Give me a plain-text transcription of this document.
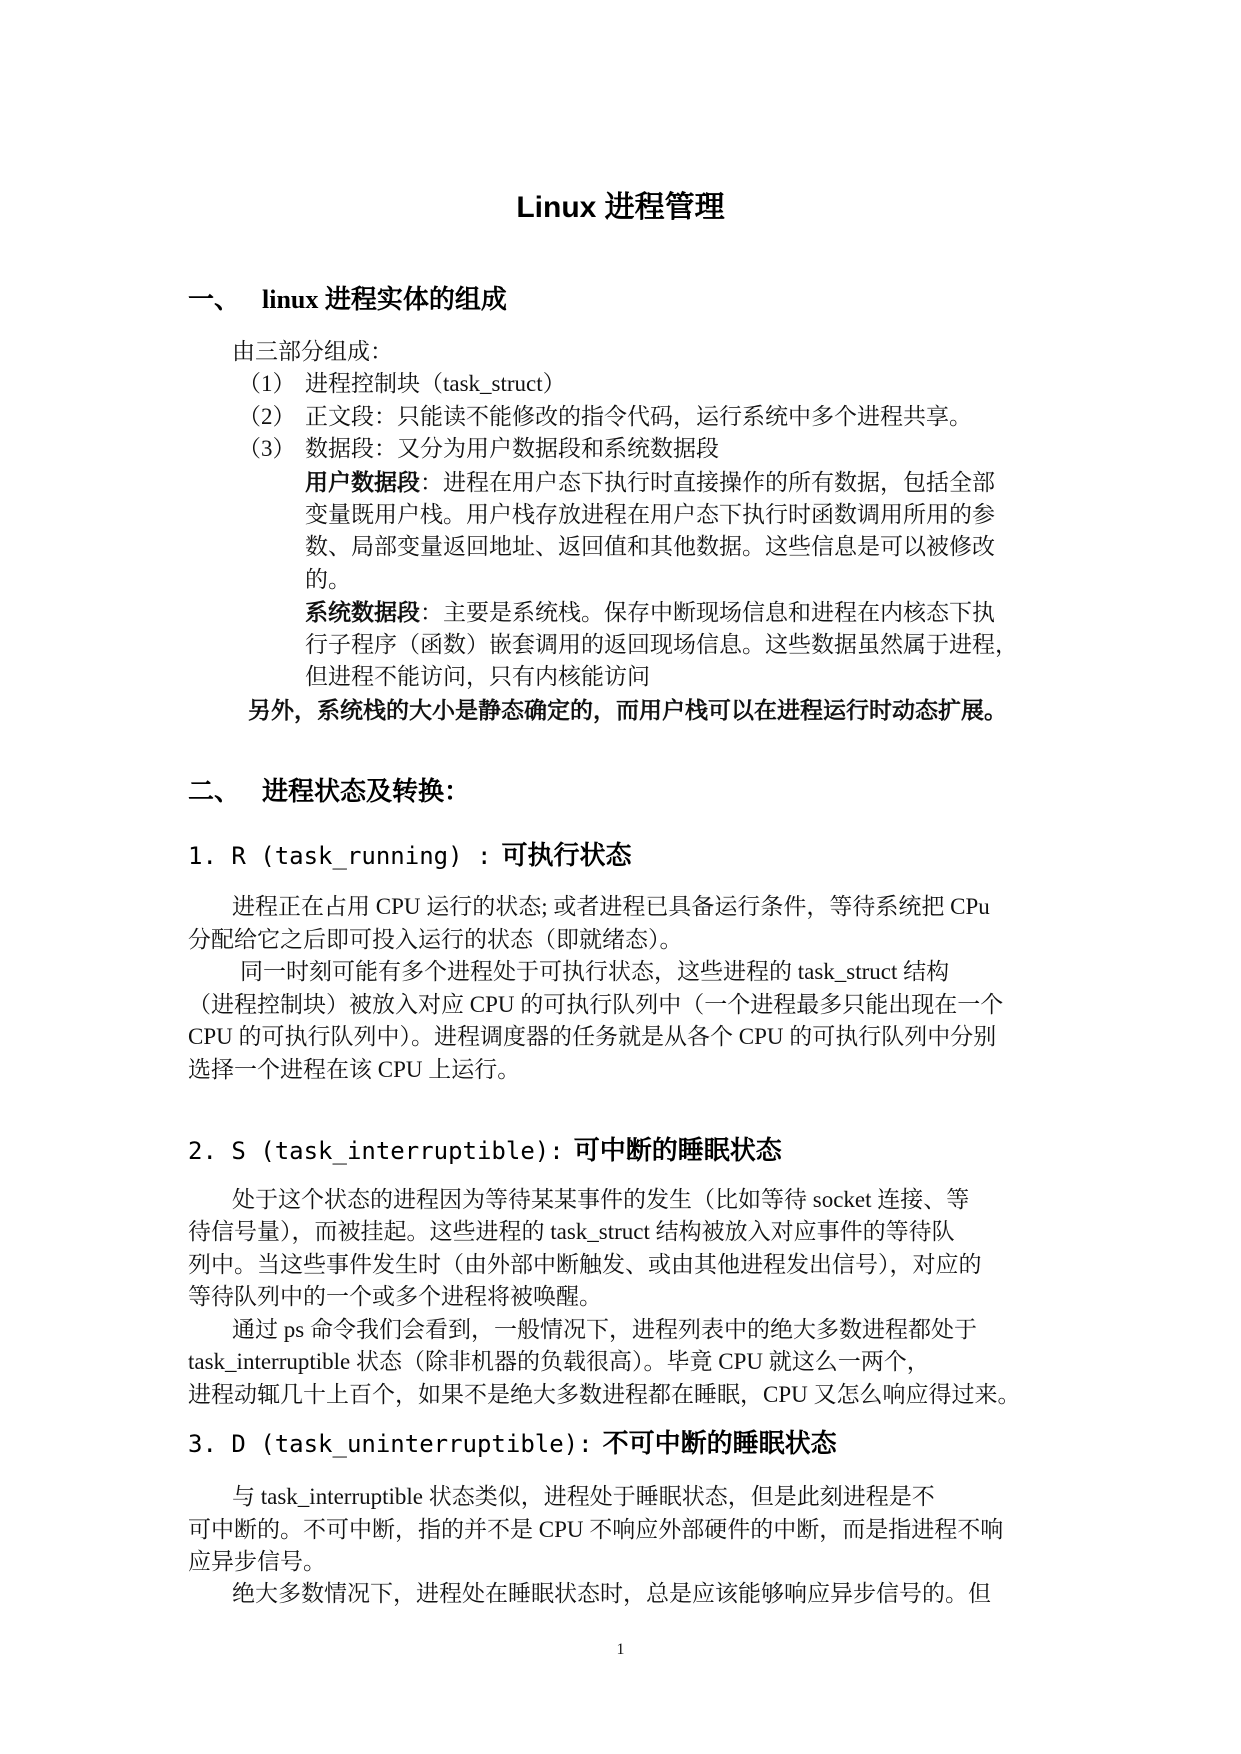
Linux 进程管理
一、 linux 进程实体的组成
由三部分组成：
（1） 进程控制块（task_struct）
（2） 正文段：只能读不能修改的指令代码，运行系统中多个进程共享。
（3） 数据段：又分为用户数据段和系统数据段
用户数据段：进程在用户态下执行时直接操作的所有数据，包括全部
变量既用户栈。用户栈存放进程在用户态下执行时函数调用所用的参
数、局部变量返回地址、返回值和其他数据。这些信息是可以被修改
的。
系统数据段：主要是系统栈。保存中断现场信息和进程在内核态下执
行子程序（函数）嵌套调用的返回现场信息。这些数据虽然属于进程，
但进程不能访问，只有内核能访问
另外，系统栈的大小是静态确定的，而用户栈可以在进程运行时动态扩展。
二、 进程状态及转换：
1. R (task_running) : 可执行状态
进程正在占用 CPU 运行的状态; 或者进程已具备运行条件，等待系统把 CPu
分配给它之后即可投入运行的状态（即就绪态）。
同一时刻可能有多个进程处于可执行状态，这些进程的 task_struct 结构
（进程控制块）被放入对应 CPU 的可执行队列中（一个进程最多只能出现在一个
CPU 的可执行队列中）。进程调度器的任务就是从各个 CPU 的可执行队列中分别
选择一个进程在该 CPU 上运行。
2. S (task_interruptible): 可中断的睡眠状态
处于这个状态的进程因为等待某某事件的发生（比如等待 socket 连接、等
待信号量），而被挂起。这些进程的 task_struct 结构被放入对应事件的等待队
列中。当这些事件发生时（由外部中断触发、或由其他进程发出信号），对应的
等待队列中的一个或多个进程将被唤醒。
通过 ps 命令我们会看到，一般情况下，进程列表中的绝大多数进程都处于
task_interruptible 状态（除非机器的负载很高）。毕竟 CPU 就这么一两个，
进程动辄几十上百个，如果不是绝大多数进程都在睡眠，CPU 又怎么响应得过来。
3. D (task_uninterruptible): 不可中断的睡眠状态
与 task_interruptible 状态类似，进程处于睡眠状态，但是此刻进程是不
可中断的。不可中断，指的并不是 CPU 不响应外部硬件的中断，而是指进程不响
应异步信号。
绝大多数情况下，进程处在睡眠状态时，总是应该能够响应异步信号的。但
1
